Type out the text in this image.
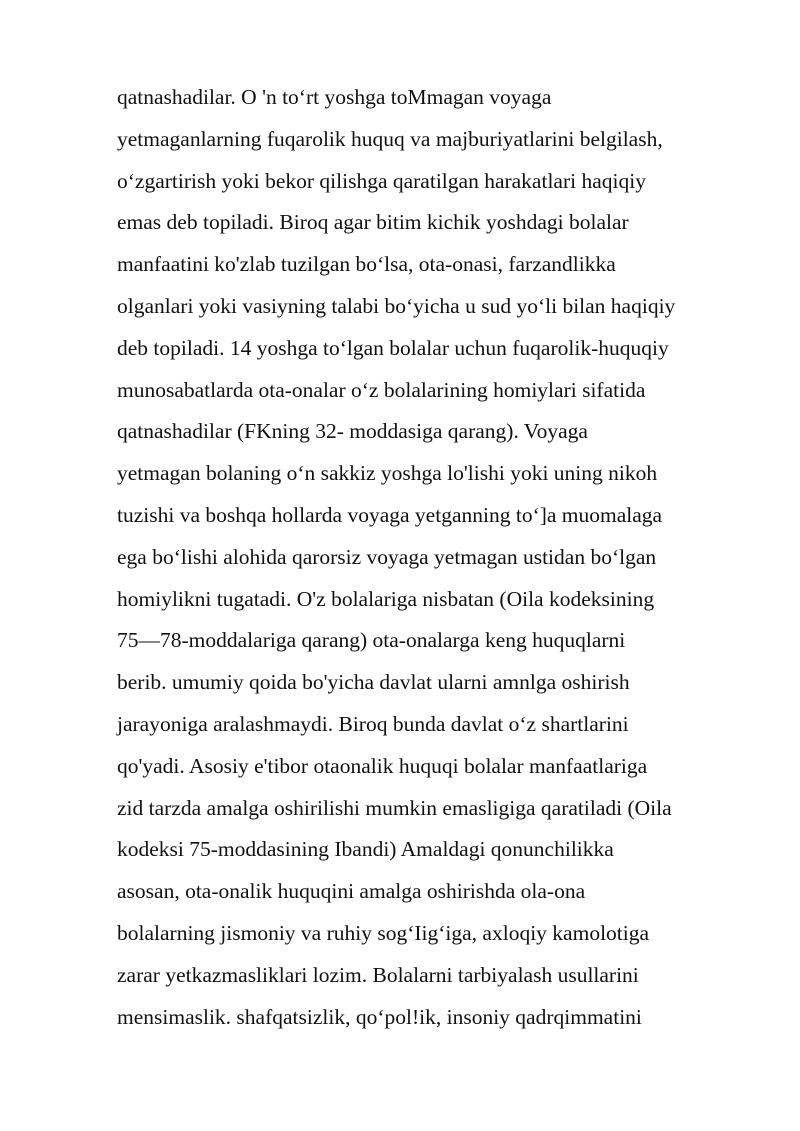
qatnashadilar. O 'n to‘rt yoshga toMmagan voyaga
yetmaganlarning fuqarolik huquq va majburiyatlarini belgilash,
o‘zgartirish yoki bekor qilishga qaratilgan harakatlari haqiqiy
emas deb topiladi. Biroq agar bitim kichik yoshdagi bolalar
manfaatini ko'zlab tuzilgan bo‘lsa, ota-onasi, farzandlikka
olganlari yoki vasiyning talabi bo‘yicha u sud yo‘li bilan haqiqiy
deb topiladi. 14 yoshga to‘lgan bolalar uchun fuqarolik-huquqiy
munosabatlarda ota-onalar o‘z bolalarining homiylari sifatida
qatnashadilar (FKning 32- moddasiga qarang). Voyaga
yetmagan bolaning o‘n sakkiz yoshga lo'lishi yoki uning nikoh
tuzishi va boshqa hollarda voyaga yetganning to‘]a muomalaga
ega bo‘lishi alohida qarorsiz voyaga yetmagan ustidan bo‘lgan
homiylikni tugatadi. O'z bolalariga nisbatan (Oila kodeksining
75—78-moddalariga qarang) ota-onalarga keng huquqlarni
berib. umumiy qoida bo'yicha davlat ularni amnlga oshirish
jarayoniga aralashmaydi. Biroq bunda davlat o‘z shartlarini
qo'yadi. Asosiy e'tibor otaonalik huquqi bolalar manfaatlariga
zid tarzda amalga oshirilishi mumkin emasligiga qaratiladi (Oila
kodeksi 75-moddasining Ibandi) Amaldagi qonunchilikka
asosan, ota-onalik huquqini amalga oshirishda ola-ona
bolalarning jismoniy va ruhiy sog‘Iig‘iga, axloqiy kamolotiga
zarar yetkazmasliklari lozim. Bolalarni tarbiyalash usullarini
mensimaslik. shafqatsizlik, qo‘pol!ik, insoniy qadrqimmatini
